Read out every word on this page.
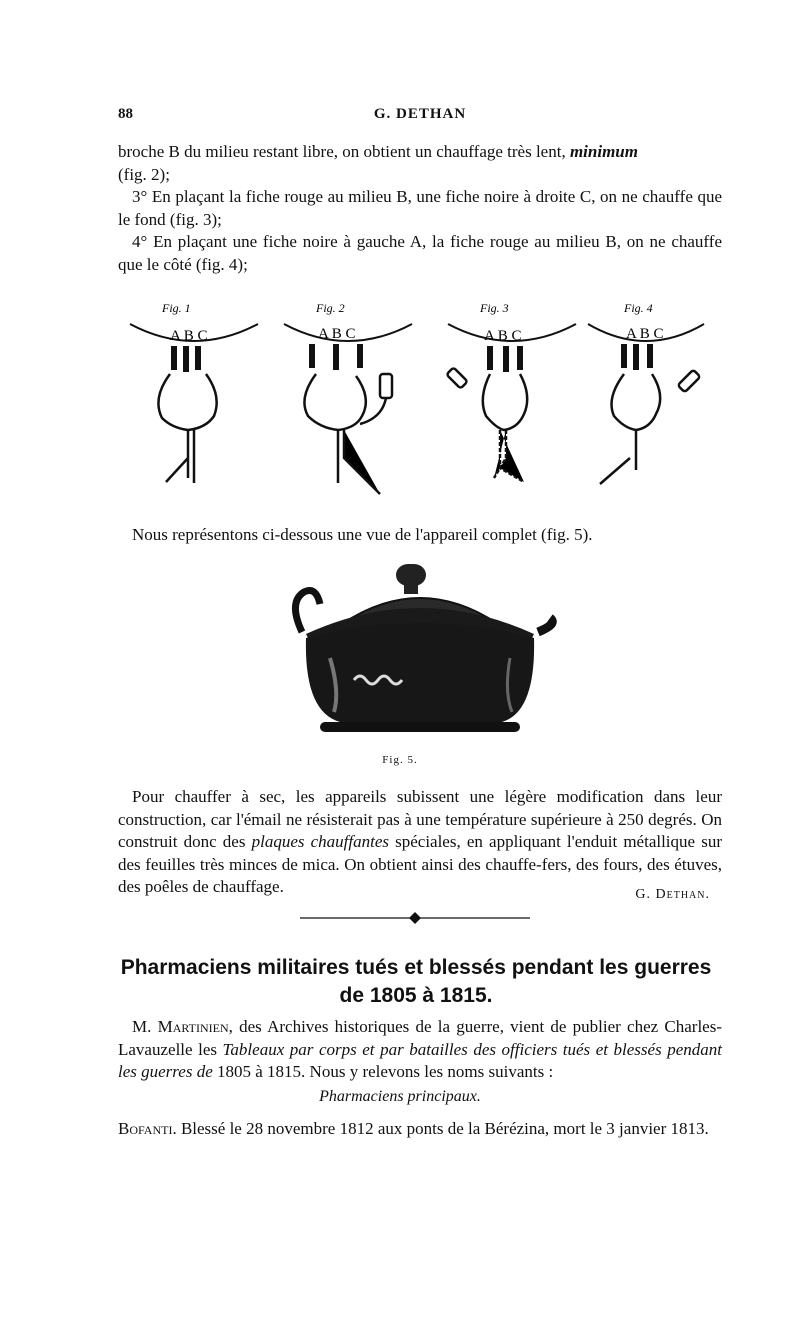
88	G. DETHAN

broche B du milieu restant libre, on obtient un chauffage très lent, minimum

(fig. 2);

3° En plaçant la fiche rouge au milieu B, une fiche noire à droite C, on ne chauffe que le fond (fig. 3);

4° En plaçant une fiche noire à gauche A, la fiche rouge au milieu B, on ne chauffe que le côté (fig. 4);

Fig. 1
A B C
Fig. 2
A B C
Fig. 3
A B C
Fig. 4
A B C
Nous représentons ci-dessous une vue de l'appareil complet (fig. 5).
Fig. 5.

Pour chauffer à sec, les appareils subissent une légère modification dans leur construction, car l'émail ne résisterait pas à une température supérieure à 250 degrés. On construit donc des plaques chauffantes spéciales, en appliquant l'enduit métallique sur des feuilles très minces de mica. On obtient ainsi des chauffe-fers, des fours, des étuves, des poêles de chauffage.	G. Dethan.
Pharmaciens militaires tués et blessés pendant les guerres de 1805 à 1815.

M. Martinien, des Archives historiques de la guerre, vient de publier chez Charles-Lavauzelle les Tableaux par corps et par batailles des officiers tués et blessés pendant les guerres de 1805 à 1815. Nous y relevons les noms suivants :

Pharmaciens principaux.

Bofanti. Blessé le 28 novembre 1812 aux ponts de la Bérézina, mort le 3 janvier 1813.
